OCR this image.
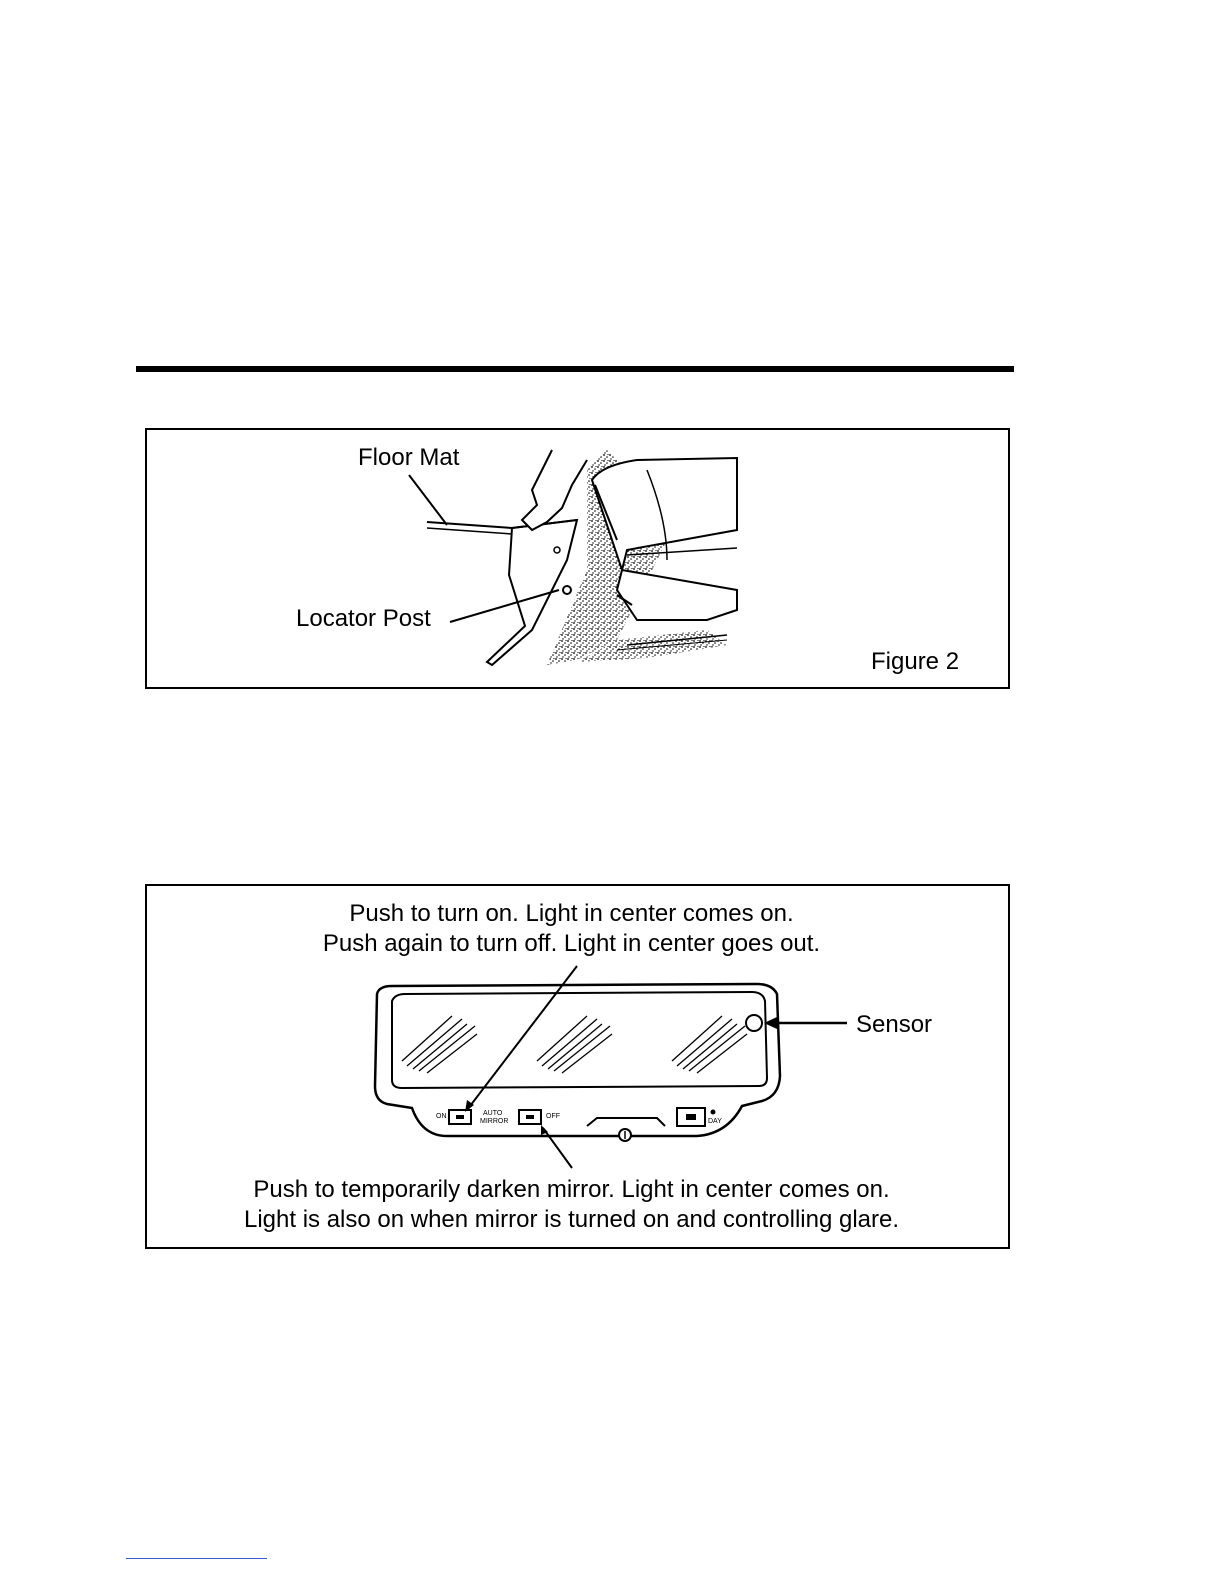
Floor Mat
Locator Post
Figure 2
Push to turn on. Light in center comes on.
Push again to turn off. Light in center goes out.
ON	AUTO
MIRROR
OFF
DAY
Sensor
Push to temporarily darken mirror. Light in center comes on.
Light is also on when mirror is turned on and controlling glare.
